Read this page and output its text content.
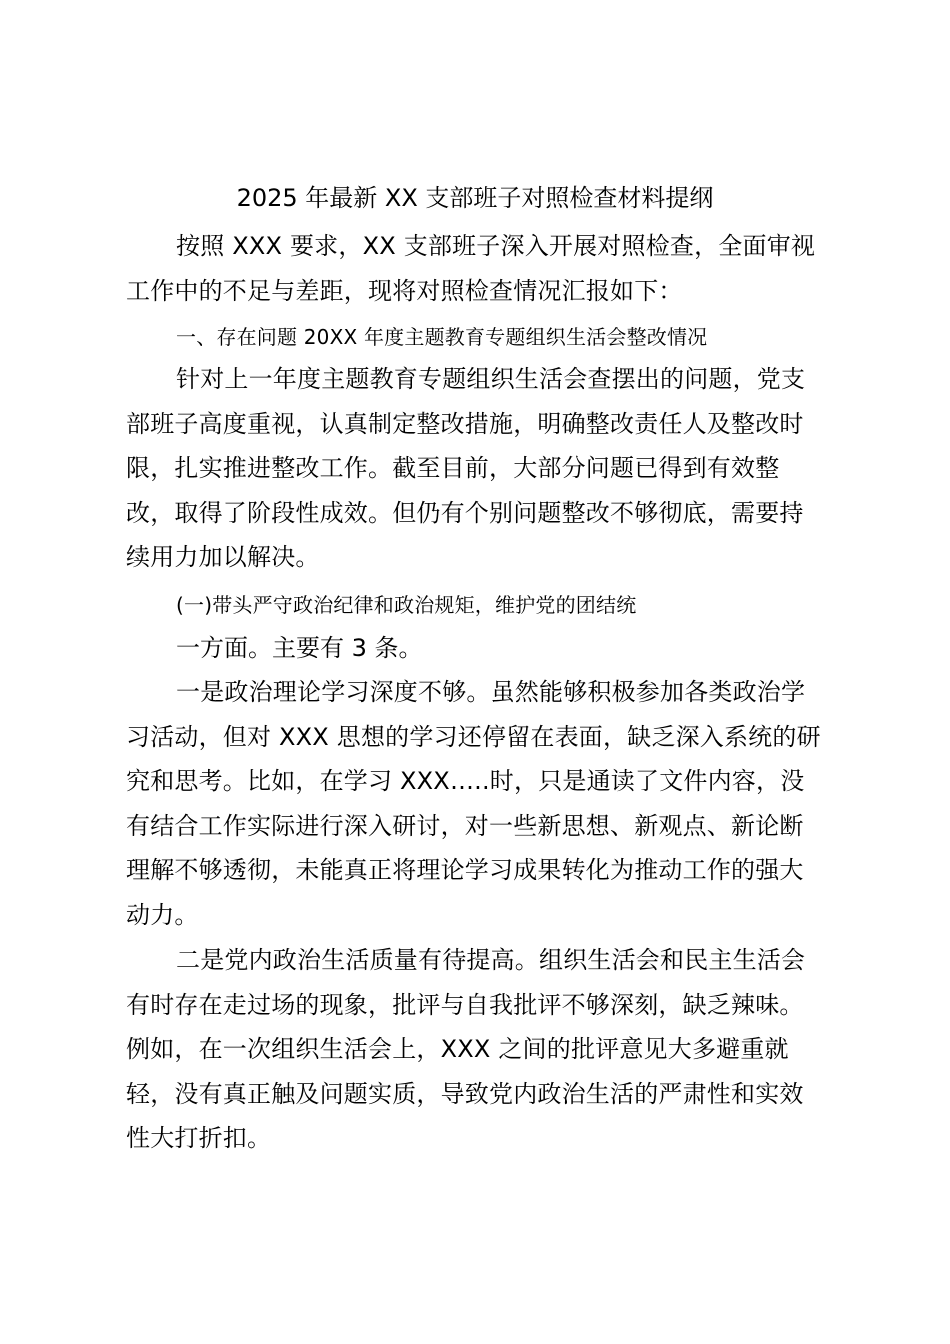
2025 年最新 XX 支部班子对照检查材料提纲

按照 XXX 要求，XX 支部班子深入开展对照检查，全面审视工作中的不足与差距，现将对照检查情况汇报如下：

一、存在问题 20XX 年度主题教育专题组织生活会整改情况

针对上一年度主题教育专题组织生活会查摆出的问题，党支部班子高度重视，认真制定整改措施，明确整改责任人及整改时限，扎实推进整改工作。截至目前，大部分问题已得到有效整改，取得了阶段性成效。但仍有个别问题整改不够彻底，需要持续用力加以解决。

(一)带头严守政治纪律和政治规矩，维护党的团结统

一方面。主要有 3 条。

一是政治理论学习深度不够。虽然能够积极参加各类政治学习活动，但对 XXX 思想的学习还停留在表面，缺乏深入系统的研究和思考。比如，在学习 XXX…..时，只是通读了文件内容，没有结合工作实际进行深入研讨，对一些新思想、新观点、新论断理解不够透彻，未能真正将理论学习成果转化为推动工作的强大动力。

二是党内政治生活质量有待提高。组织生活会和民主生活会有时存在走过场的现象，批评与自我批评不够深刻，缺乏辣味。例如，在一次组织生活会上，XXX 之间的批评意见大多避重就轻，没有真正触及问题实质，导致党内政治生活的严肃性和实效性大打折扣。
